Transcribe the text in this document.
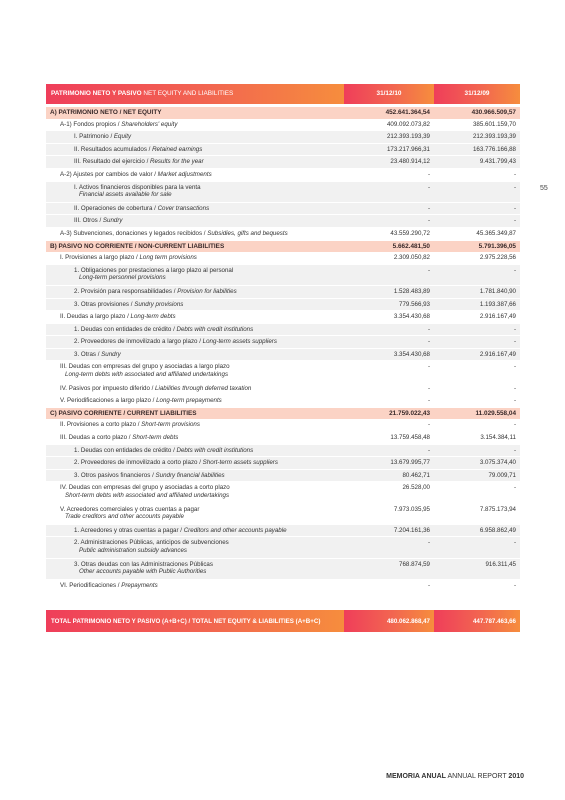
55
PATRIMONIO NETO Y PASIVO NET EQUITY AND LIABILITIES	31/12/10	31/12/09

A) PATRIMONIO NETO / NET EQUITY	452.641.364,54	430.966.509,57
A-1) Fondos propios / Shareholders' equity	409.092.073,82	385.601.159,70
I. Patrimonio / Equity	212.393.193,39	212.393.193,39
II. Resultados acumulados / Retained earnings	173.217.966,31	163.776.166,88
III. Resultado del ejercicio / Results for the year	23.480.914,12	9.431.799,43
A-2) Ajustes por cambios de valor / Market adjustments	-	-
I. Activos financieros disponibles para la venta
Financial assets available for sale	-	-
II. Operaciones de cobertura / Cover transactions	-	-
III. Otros / Sundry	-	-
A-3) Subvenciones, donaciones y legados recibidos / Subsidies, gifts and bequests	43.559.290,72	45.365.349,87
B) PASIVO NO CORRIENTE / NON-CURRENT LIABILITIES	5.662.481,50	5.791.396,05
I. Provisiones a largo plazo / Long term provisions	2.309.050,82	2.975.228,56
1. Obligaciones por prestaciones a largo plazo al personal
Long-term personnel provisions	-	-
2. Provisión para responsabilidades / Provision for liabilities	1.528.483,89	1.781.840,90
3. Otras provisiones / Sundry provisions	779.566,93	1.193.387,66
II. Deudas a largo plazo / Long-term debts	3.354.430,68	2.916.167,49
1. Deudas con entidades de crédito / Debts with credit institutions	-	-
2. Proveedores de inmovilizado a largo plazo / Long-term assets suppliers	-	-
3. Otras / Sundry	3.354.430,68	2.916.167,49
III. Deudas con empresas del grupo y asociadas a largo plazo
Long-term debts with associated and affiliated undertakings	-	-
IV. Pasivos por impuesto diferido / Liabilities through deferred taxation	-	-
V. Periodificaciones a largo plazo / Long-term prepayments	-	-
C) PASIVO CORRIENTE / CURRENT LIABILITIES	21.759.022,43	11.029.558,04
II. Provisiones a corto plazo / Short-term provisions	-	-
III. Deudas a corto plazo / Short-term debts	13.759.458,48	3.154.384,11
1. Deudas con entidades de crédito / Debts with credit institutions	-	-
2. Proveedores de inmovilizado a corto plazo / Short-term assets suppliers	13.679.995,77	3.075.374,40
3. Otros pasivos financieros / Sundry financial liabilities	80.462,71	79.009,71
IV. Deudas con empresas del grupo y asociadas a corto plazo
Short-term debts with associated and affiliated undertakings	26.528,00	-
V. Acreedores comerciales y otras cuentas a pagar
Trade creditors and other accounts payable	7.973.035,95	7.875.173,94
1. Acreedores y otras cuentas a pagar / Creditors and other accounts payable	7.204.161,36	6.958.862,49
2. Administraciones Públicas, anticipos de subvenciones
Public administration subsidy advances	-	-
3. Otras deudas con las Administraciones Públicas
Other accounts payable with Public Authorities	768.874,59	916.311,45
VI. Periodificaciones / Prepayments	-	-

TOTAL PATRIMONIO NETO Y PASIVO (A+B+C) / TOTAL NET EQUITY & LIABILITIES (A+B+C)	480.062.868,47	447.787.463,66
MEMORIA ANUAL ANNUAL REPORT 2010
